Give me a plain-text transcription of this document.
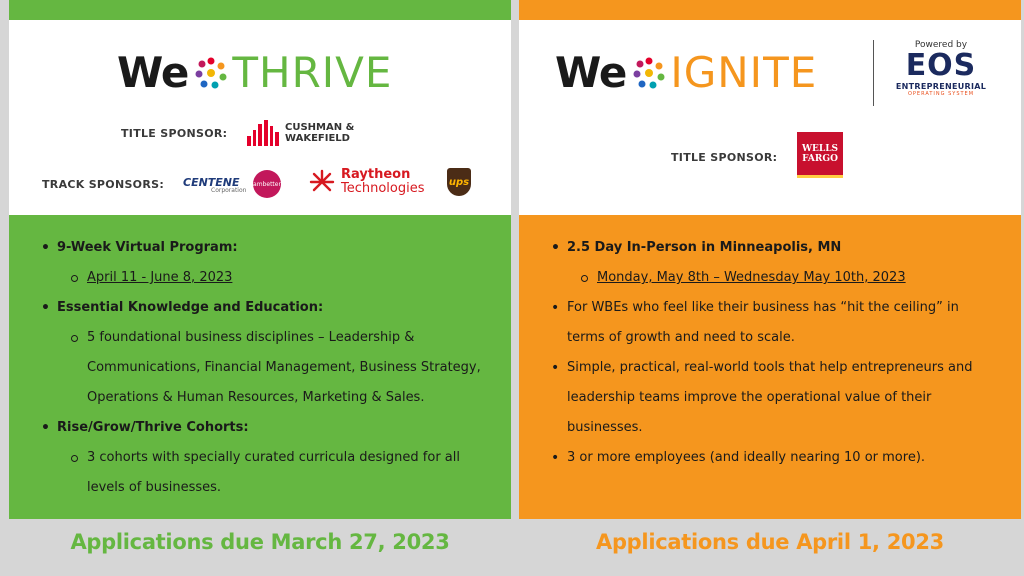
We THRIVE
TITLE SPONSOR:	CUSHMAN &
WAKEFIELD
TRACK SPONSORS: CENTENE
Corporation
ambetter
Raytheon
Technologies ups
• 9-Week Virtual Program:
April 11 - June 8, 2023
• Essential Knowledge and Education:
5 foundational business disciplines – Leadership & Communications, Financial Management, Business Strategy, Operations & Human Resources, Marketing & Sales.
• Rise/Grow/Thrive Cohorts:
3 cohorts with specially curated curricula designed for all levels of businesses.
Applications due March 27, 2023
We IGNITE
Powered by
EOS
ENTREPRENEURIAL
OPERATING SYSTEM
TITLE SPONSOR:
WELLS
FARGO
• 2.5 Day In-Person in Minneapolis, MN
Monday, May 8th – Wednesday May 10th, 2023
• For WBEs who feel like their business has “hit the ceiling” in terms of growth and need to scale.
• Simple, practical, real-world tools that help entrepreneurs and leadership teams improve the operational value of their businesses.
• 3 or more employees (and ideally nearing 10 or more).
Applications due April 1, 2023
